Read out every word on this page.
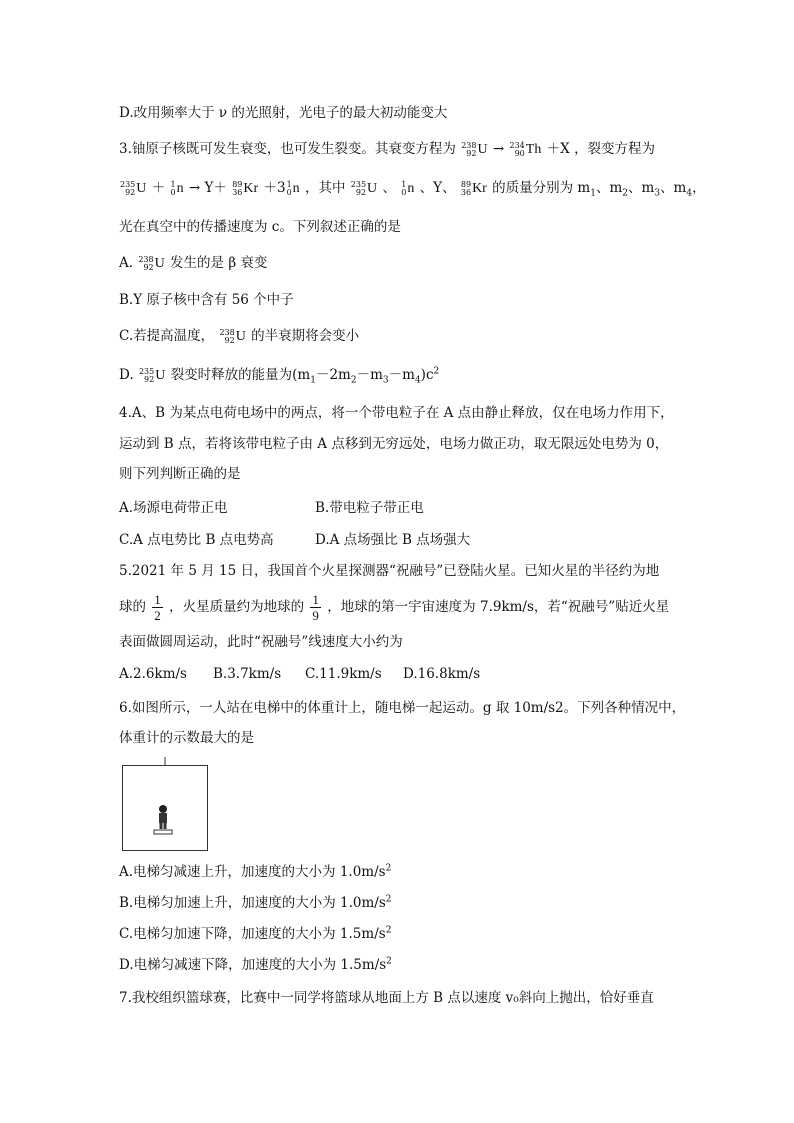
D.改用频率大于 ν 的光照射，光电子的最大初动能变大
3.铀原子核既可发生衰变，也可发生裂变。其衰变方程为 238
92 U → 234
90 Th ＋X ，裂变方程为
235
92 U ＋ 1
0 n → Y＋ 89
36 Kr ＋3 1
0 n ，其中 235
92 U 、 1
0 n 、Y、 89
36 Kr 的质量分别为 $m_1$、$m_2$、$m_3$、$m_4$，
光在真空中的传播速度为 c。下列叙述正确的是
A. 238
92 U 发生的是 β 衰变
B.Y 原子核中含有 56 个中子
C.若提高温度， 238
92 U 的半衰期将会变小
D. 235
92 U 裂变时释放的能量为$(m_1-2m_2-m_3-m_4)c^2$
4.A、B 为某点电荷电场中的两点，将一个带电粒子在 A 点由静止释放，仅在电场力作用下，
运动到 B 点，若将该带电粒子由 A 点移到无穷远处，电场力做正功，取无限远处电势为 0，
则下列判断正确的是
A.场源电荷带正电	B.带电粒子带正电
C.A 点电势比 B 点电势高	D.A 点场强比 B 点场强大
5.2021 年 5 月 15 日，我国首个火星探测器“祝融号”已登陆火星。已知火星的半径约为地
球的 $\frac{1}{2}$ ，火星质量约为地球的 $\frac{1}{9}$ ，地球的第一宇宙速度为 7.9km/s，若“祝融号”贴近火星
表面做圆周运动，此时“祝融号”线速度大小约为
A.2.6km/s B.3.7km/s C.11.9km/s D.16.8km/s
6.如图所示，一人站在电梯中的体重计上，随电梯一起运动。g 取 10m/s2。下列各种情况中，
体重计的示数最大的是
A.电梯匀减速上升，加速度的大小为 $1.0m/s^2$
B.电梯匀加速上升，加速度的大小为 $1.0m/s^2$
C.电梯匀加速下降，加速度的大小为 $1.5m/s^2$
D.电梯匀减速下降，加速度的大小为 $1.5m/s^2$
7.我校组织篮球赛，比赛中一同学将篮球从地面上方 B 点以速度 v₀斜向上抛出，恰好垂直
